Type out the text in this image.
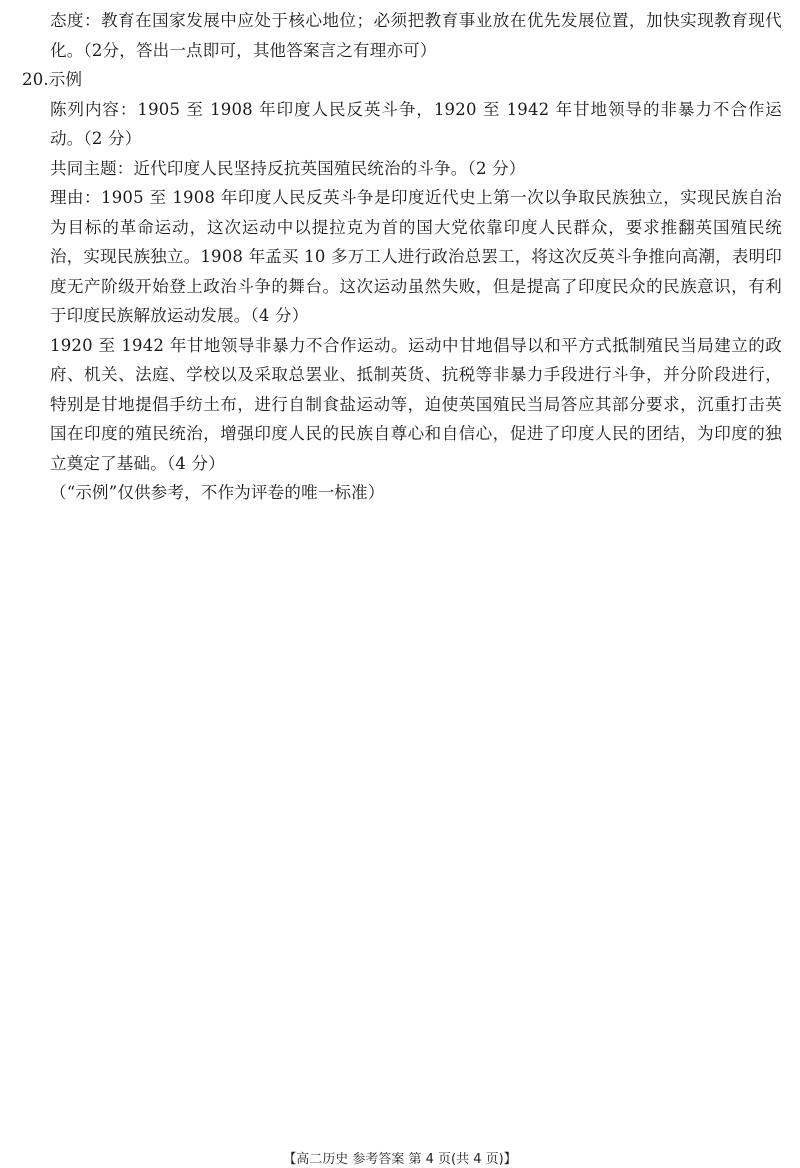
态度：教育在国家发展中应处于核心地位；必须把教育事业放在优先发展位置，加快实现教育现代化。（2分，答出一点即可，其他答案言之有理亦可）

20.示例

陈列内容：1905 至 1908 年印度人民反英斗争，1920 至 1942 年甘地领导的非暴力不合作运动。（2 分）

共同主题：近代印度人民坚持反抗英国殖民统治的斗争。（2 分）

理由：1905 至 1908 年印度人民反英斗争是印度近代史上第一次以争取民族独立，实现民族自治为目标的革命运动，这次运动中以提拉克为首的国大党依靠印度人民群众，要求推翻英国殖民统治，实现民族独立。1908 年孟买 10 多万工人进行政治总罢工，将这次反英斗争推向高潮，表明印度无产阶级开始登上政治斗争的舞台。这次运动虽然失败，但是提高了印度民众的民族意识，有利于印度民族解放运动发展。（4 分）

1920 至 1942 年甘地领导非暴力不合作运动。运动中甘地倡导以和平方式抵制殖民当局建立的政府、机关、法庭、学校以及采取总罢业、抵制英货、抗税等非暴力手段进行斗争，并分阶段进行，特别是甘地提倡手纺土布，进行自制食盐运动等，迫使英国殖民当局答应其部分要求，沉重打击英国在印度的殖民统治，增强印度人民的民族自尊心和自信心，促进了印度人民的团结，为印度的独立奠定了基础。（4 分）

（“示例”仅供参考，不作为评卷的唯一标准）

【高二历史 参考答案 第 4 页(共 4 页)】
